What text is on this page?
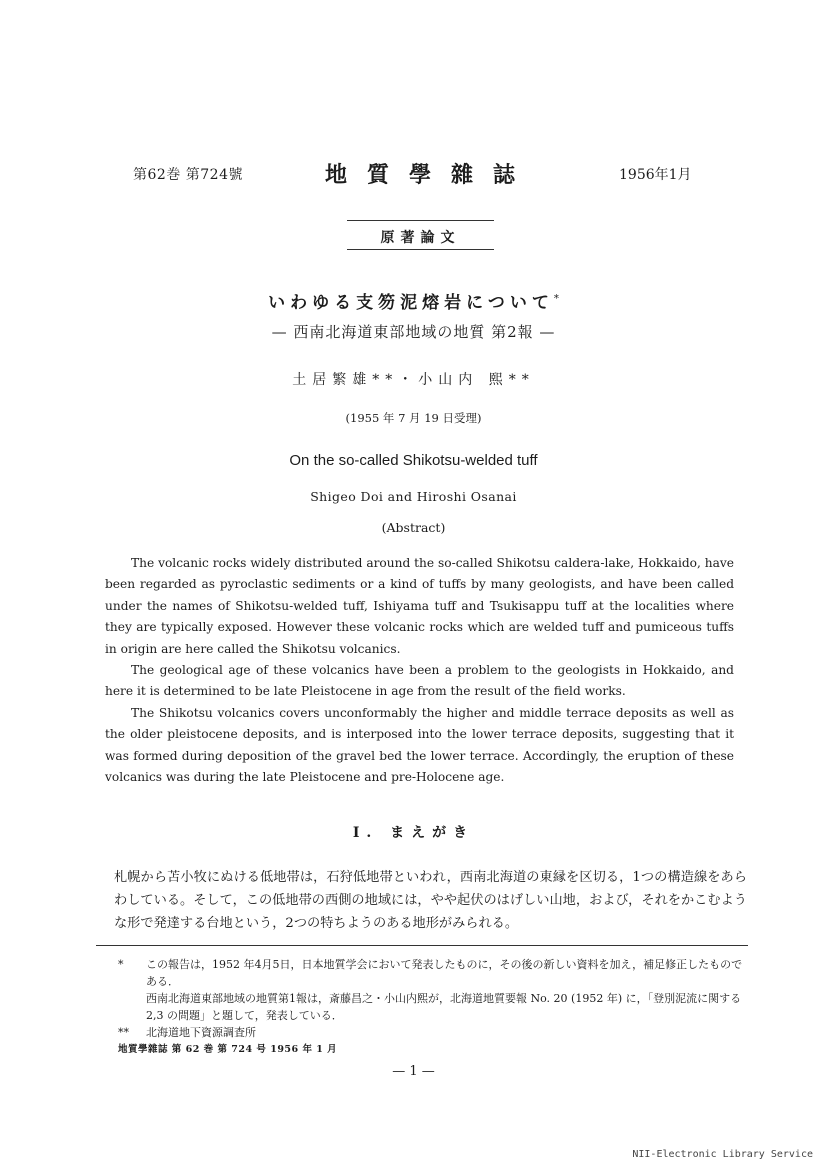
第62巻 第724號	地質學雜誌	1956年1月
原著論文
いわゆる支笏泥熔岩について*
— 西南北海道東部地域の地質 第2報 —
土居繁雄**・小山内 熙**
(1955 年 7 月 19 日受理)
On the so-called Shikotsu-welded tuff
Shigeo Doi and Hiroshi Osanai
(Abstract)

The volcanic rocks widely distributed around the so-called Shikotsu caldera-lake, Hokkaido, have been regarded as pyroclastic sediments or a kind of tuffs by many geologists, and have been called under the names of Shikotsu-welded tuff, Ishiyama tuff and Tsukisappu tuff at the localities where they are typically exposed. However these volcanic rocks which are welded tuff and pumiceous tuffs in origin are here called the Shikotsu volcanics.

The geological age of these volcanics have been a problem to the geologists in Hokkaido, and here it is determined to be late Pleistocene in age from the result of the field works.

The Shikotsu volcanics covers unconformably the higher and middle terrace deposits as well as the older pleistocene deposits, and is interposed into the lower terrace deposits, suggesting that it was formed during deposition of the gravel bed the lower terrace. Accordingly, the eruption of these volcanics was during the late Pleistocene and pre-Holocene age.

I. まえがき

札幌から苫小牧にぬける低地帯は，石狩低地帯といわれ，西南北海道の東縁を区切る，1つの構造線をあらわしている。そして，この低地帯の西側の地域には，やや起伏のはげしい山地，および，それをかこむような形で発達する台地という，2つの特ちようのある地形がみられる。

*	この報告は，1952 年4月5日，日本地質学会において発表したものに，その後の新しい資料を加え，補足修正したものである．
西南北海道東部地域の地質第1報は，斎藤昌之・小山内熙が，北海道地質要報 No. 20 (1952 年) に，「登別泥流に関する 2,3 の問題」と題して，発表している．
**	北海道地下資源調査所
地質學雜誌 第 62 巻 第 724 号 1956 年 1 月
— 1 —
NII-Electronic Library Service
